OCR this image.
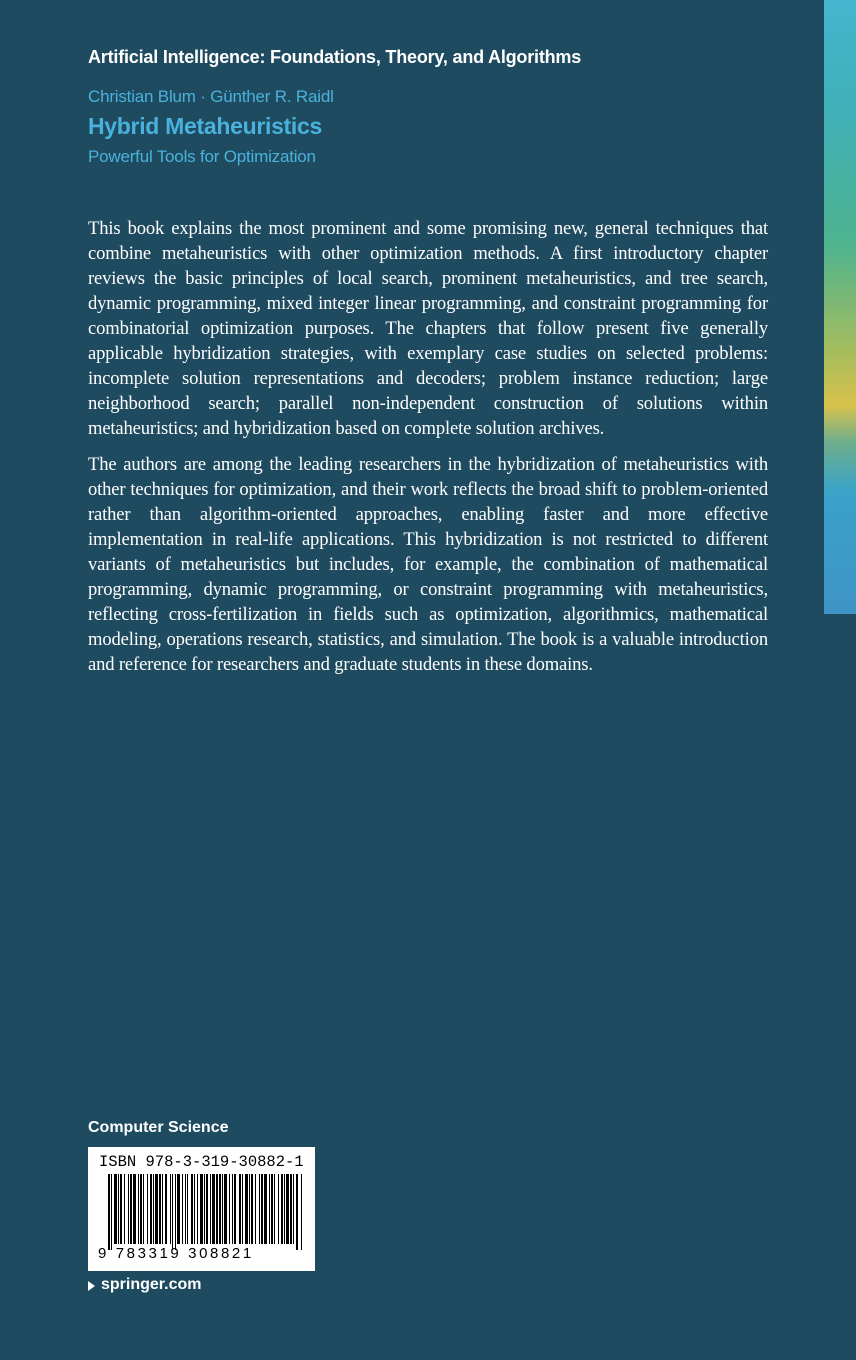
Artificial Intelligence: Foundations, Theory, and Algorithms

Christian Blum · Günther R. Raidl

Hybrid Metaheuristics

Powerful Tools for Optimization

This book explains the most prominent and some promising new, general techniques that combine metaheuristics with other optimization methods. A first introductory chapter reviews the basic principles of local search, prominent metaheuristics, and tree search, dynamic programming, mixed integer linear programming, and constraint programming for combinatorial optimization purposes. The chapters that follow present five generally applicable hybridization strategies, with exemplary case studies on selected problems: incomplete solution representations and decoders; problem instance reduction; large neighborhood search; parallel non-independent construction of solutions within metaheuristics; and hybridization based on complete solution archives.

The authors are among the leading researchers in the hybridization of metaheuristics with other techniques for optimization, and their work reflects the broad shift to problem-oriented rather than algorithm-oriented approaches, enabling faster and more effective implementation in real-life applications. This hybridization is not restricted to different variants of metaheuristics but includes, for example, the combination of mathematical programming, dynamic programming, or constraint programming with metaheuristics, reflecting cross-fertilization in fields such as optimization, algorithmics, mathematical modeling, operations research, statistics, and simulation. The book is a valuable introduction and reference for researchers and graduate students in these domains.

Computer Science

ISBN 978-3-319-30882-1
9 783319 308821

springer.com
